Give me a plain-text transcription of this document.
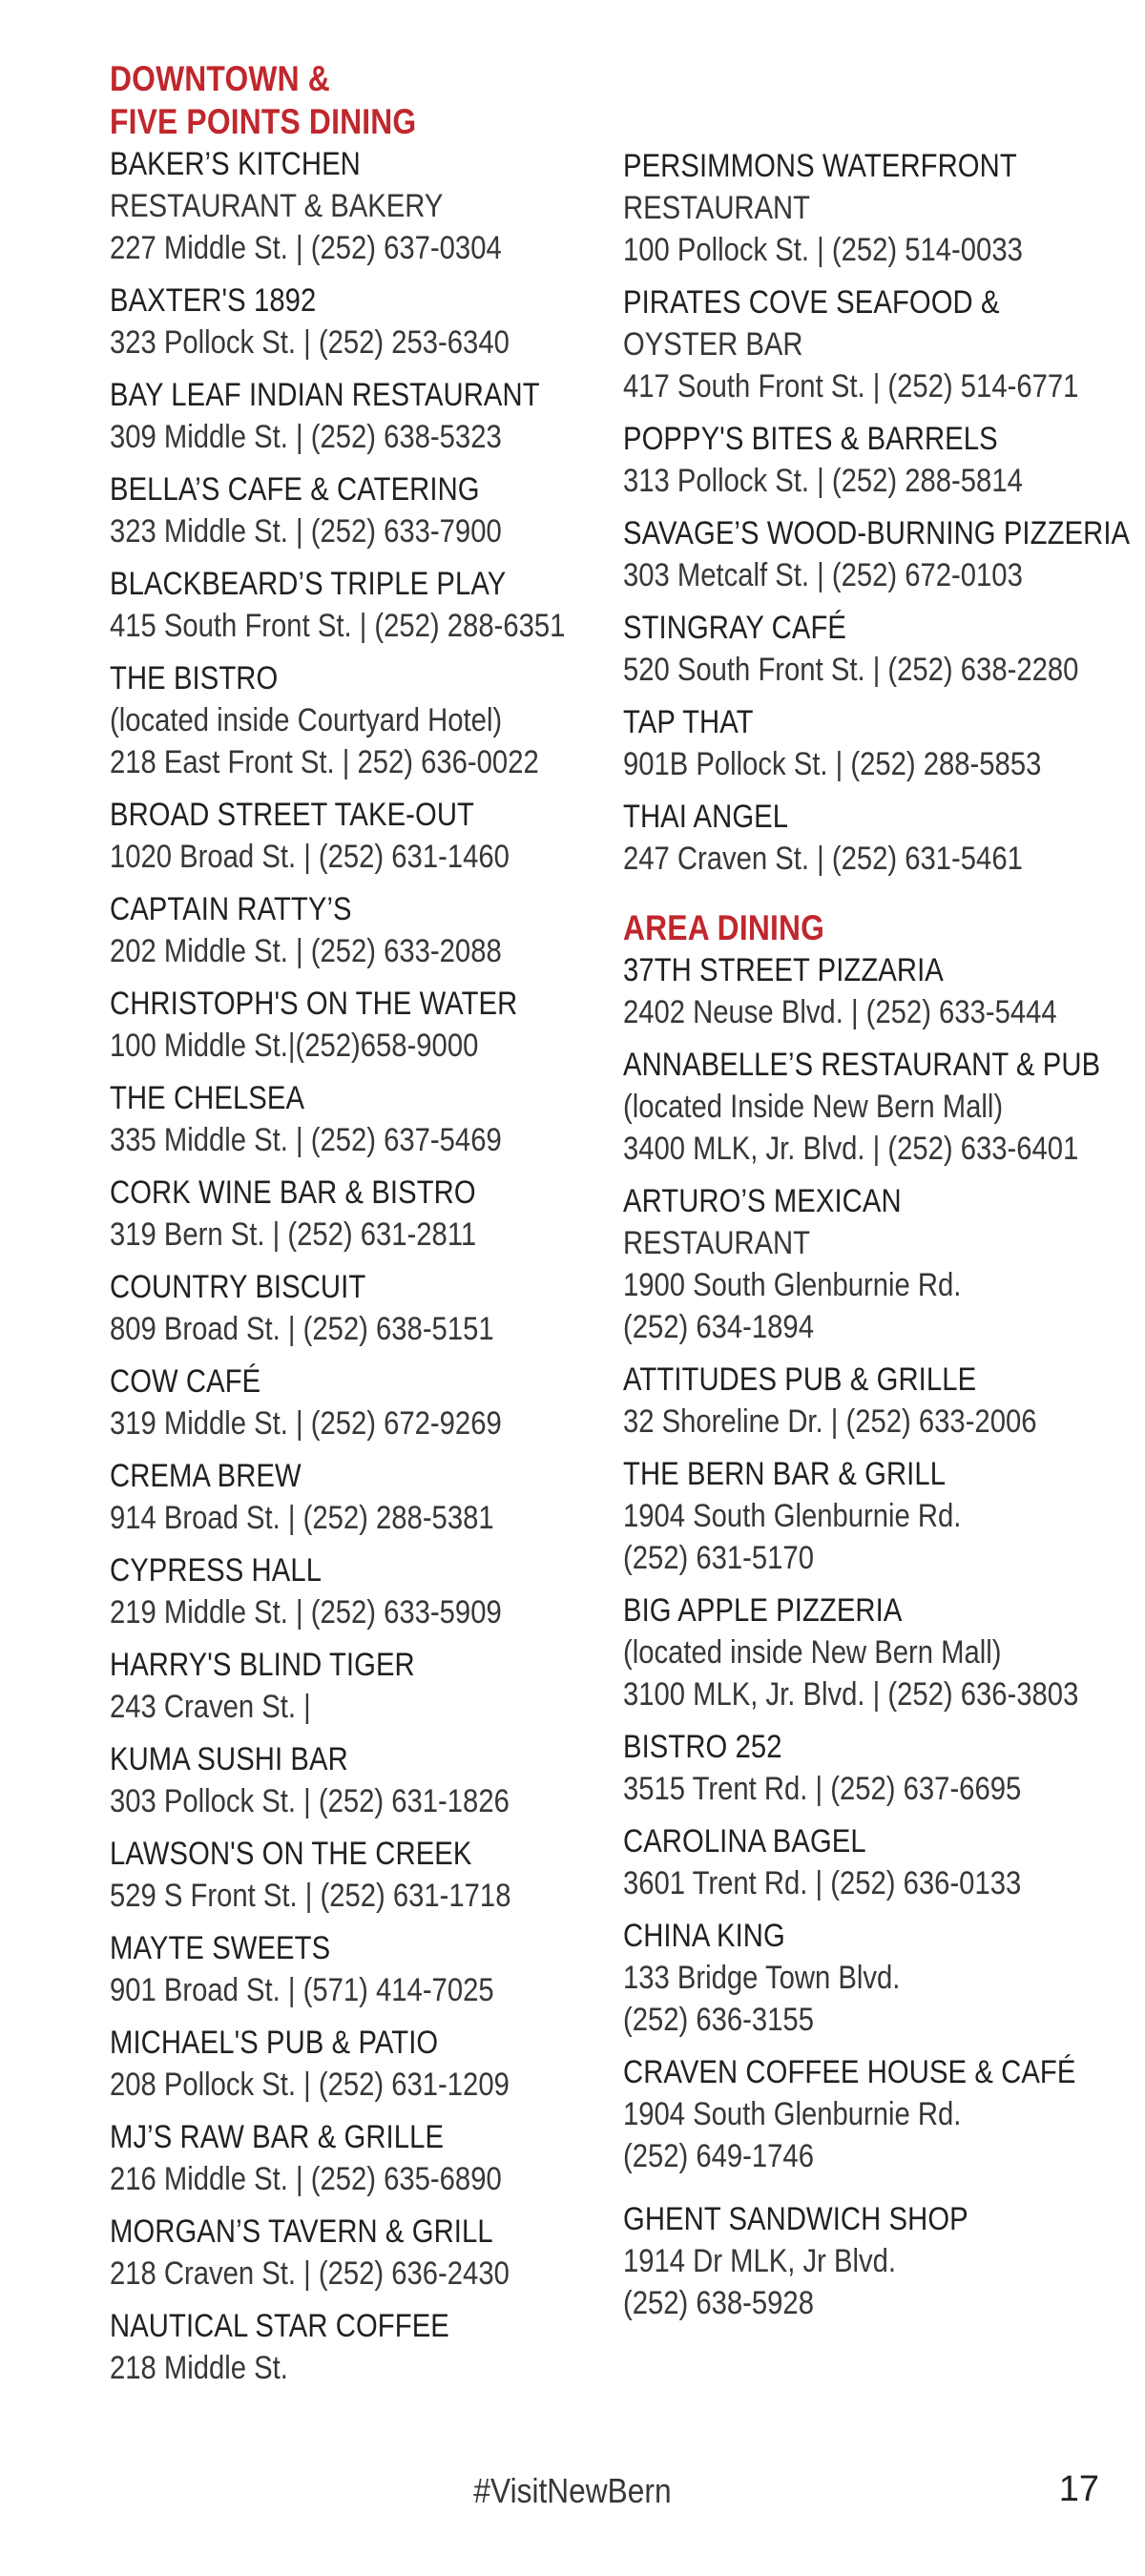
DOWNTOWN &
FIVE POINTS DINING
BAKER’S KITCHEN
RESTAURANT & BAKERY
227 Middle St. | (252) 637-0304
BAXTER'S 1892
323 Pollock St. | (252) 253-6340
BAY LEAF INDIAN RESTAURANT
309 Middle St. | (252) 638-5323
BELLA’S CAFE & CATERING
323 Middle St. | (252) 633-7900
BLACKBEARD’S TRIPLE PLAY
415 South Front St. | (252) 288-6351
THE BISTRO
(located inside Courtyard Hotel)
218 East Front St. | 252) 636-0022
BROAD STREET TAKE-OUT
1020 Broad St. | (252) 631-1460
CAPTAIN RATTY’S
202 Middle St. | (252) 633-2088
CHRISTOPH'S ON THE WATER
100 Middle St.|(252)658-9000
THE CHELSEA
335 Middle St. | (252) 637-5469
CORK WINE BAR & BISTRO
319 Bern St. | (252) 631-2811
COUNTRY BISCUIT
809 Broad St. | (252) 638-5151
COW CAFÉ
319 Middle St. | (252) 672-9269
CREMA BREW
914 Broad St. | (252) 288-5381
CYPRESS HALL
219 Middle St. | (252) 633-5909
HARRY'S BLIND TIGER
243 Craven St. |
KUMA SUSHI BAR
303 Pollock St. | (252) 631-1826
LAWSON'S ON THE CREEK
529 S Front St. | (252) 631-1718
MAYTE SWEETS
901 Broad St. | (571) 414-7025
MICHAEL'S PUB & PATIO
208 Pollock St. | (252) 631-1209
MJ’S RAW BAR & GRILLE
216 Middle St. | (252) 635-6890
MORGAN’S TAVERN & GRILL
218 Craven St. | (252) 636-2430
NAUTICAL STAR COFFEE
218 Middle St.
PERSIMMONS WATERFRONT
RESTAURANT
100 Pollock St. | (252) 514-0033
PIRATES COVE SEAFOOD &
OYSTER BAR
417 South Front St. | (252) 514-6771
POPPY'S BITES & BARRELS
313 Pollock St. | (252) 288-5814
SAVAGE’S WOOD-BURNING PIZZERIA
303 Metcalf St. | (252) 672-0103
STINGRAY CAFÉ
520 South Front St. | (252) 638-2280
TAP THAT
901B Pollock St. | (252) 288-5853
THAI ANGEL
247 Craven St. | (252) 631-5461
AREA DINING
37TH STREET PIZZARIA
2402 Neuse Blvd. | (252) 633-5444
ANNABELLE’S RESTAURANT & PUB
(located Inside New Bern Mall)
3400 MLK, Jr. Blvd. | (252) 633-6401
ARTURO’S MEXICAN
RESTAURANT
1900 South Glenburnie Rd.
(252) 634-1894
ATTITUDES PUB & GRILLE
32 Shoreline Dr. | (252) 633-2006
THE BERN BAR & GRILL
1904 South Glenburnie Rd.
(252) 631-5170
BIG APPLE PIZZERIA
(located inside New Bern Mall)
3100 MLK, Jr. Blvd. | (252) 636-3803
BISTRO 252
3515 Trent Rd. | (252) 637-6695
CAROLINA BAGEL
3601 Trent Rd. | (252) 636-0133
CHINA KING
133 Bridge Town Blvd.
(252) 636-3155
CRAVEN COFFEE HOUSE & CAFÉ
1904 South Glenburnie Rd.
(252) 649-1746
GHENT SANDWICH SHOP
1914 Dr MLK, Jr Blvd.
(252) 638-5928
#VisitNewBern	17
